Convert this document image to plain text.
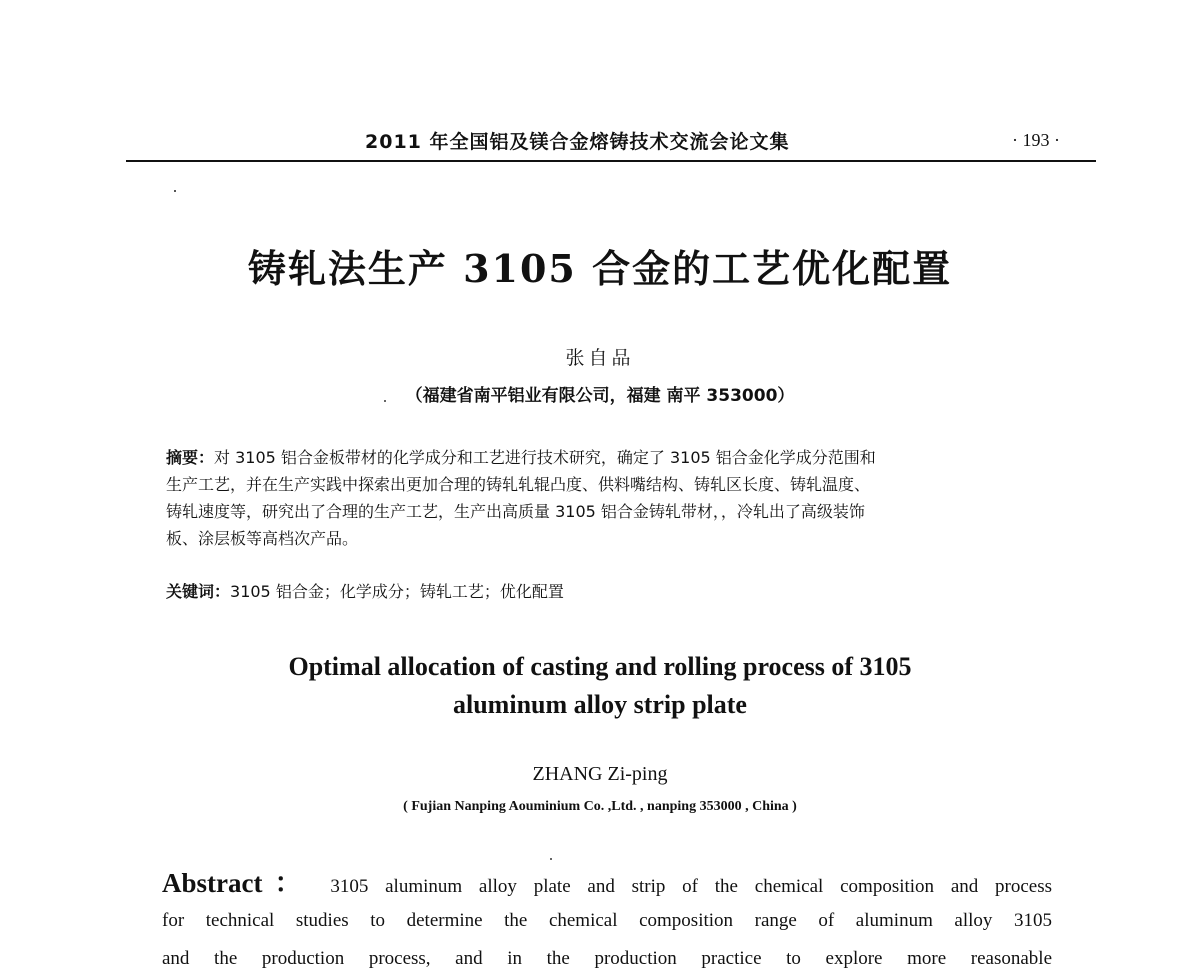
2011 年全国铝及镁合金熔铸技术交流会论文集	· 193 ·
铸轧法生产 3105 合金的工艺优化配置
张自品
（福建省南平铝业有限公司，福建 南平 353000）
摘要：对 3105 铝合金板带材的化学成分和工艺进行技术研究，确定了 3105 铝合金化学成分范围和
生产工艺，并在生产实践中探索出更加合理的铸轧轧辊凸度、供料嘴结构、铸轧区长度、铸轧温度、
铸轧速度等，研究出了合理的生产工艺，生产出高质量 3105 铝合金铸轧带材，，冷轧出了高级装饰
板、涂层板等高档次产品。
关键词：3105 铝合金；化学成分；铸轧工艺；优化配置
Optimal allocation of casting and rolling process of 3105
aluminum alloy strip plate
ZHANG Zi-ping
( Fujian Nanping Aouminium Co. ,Ltd. , nanping 353000 , China )
Abstract： 3105 aluminum alloy plate and strip of the chemical composition and process
for technical studies to determine the chemical composition range of aluminum alloy 3105
and the production process, and in the production practice to explore more reasonable
